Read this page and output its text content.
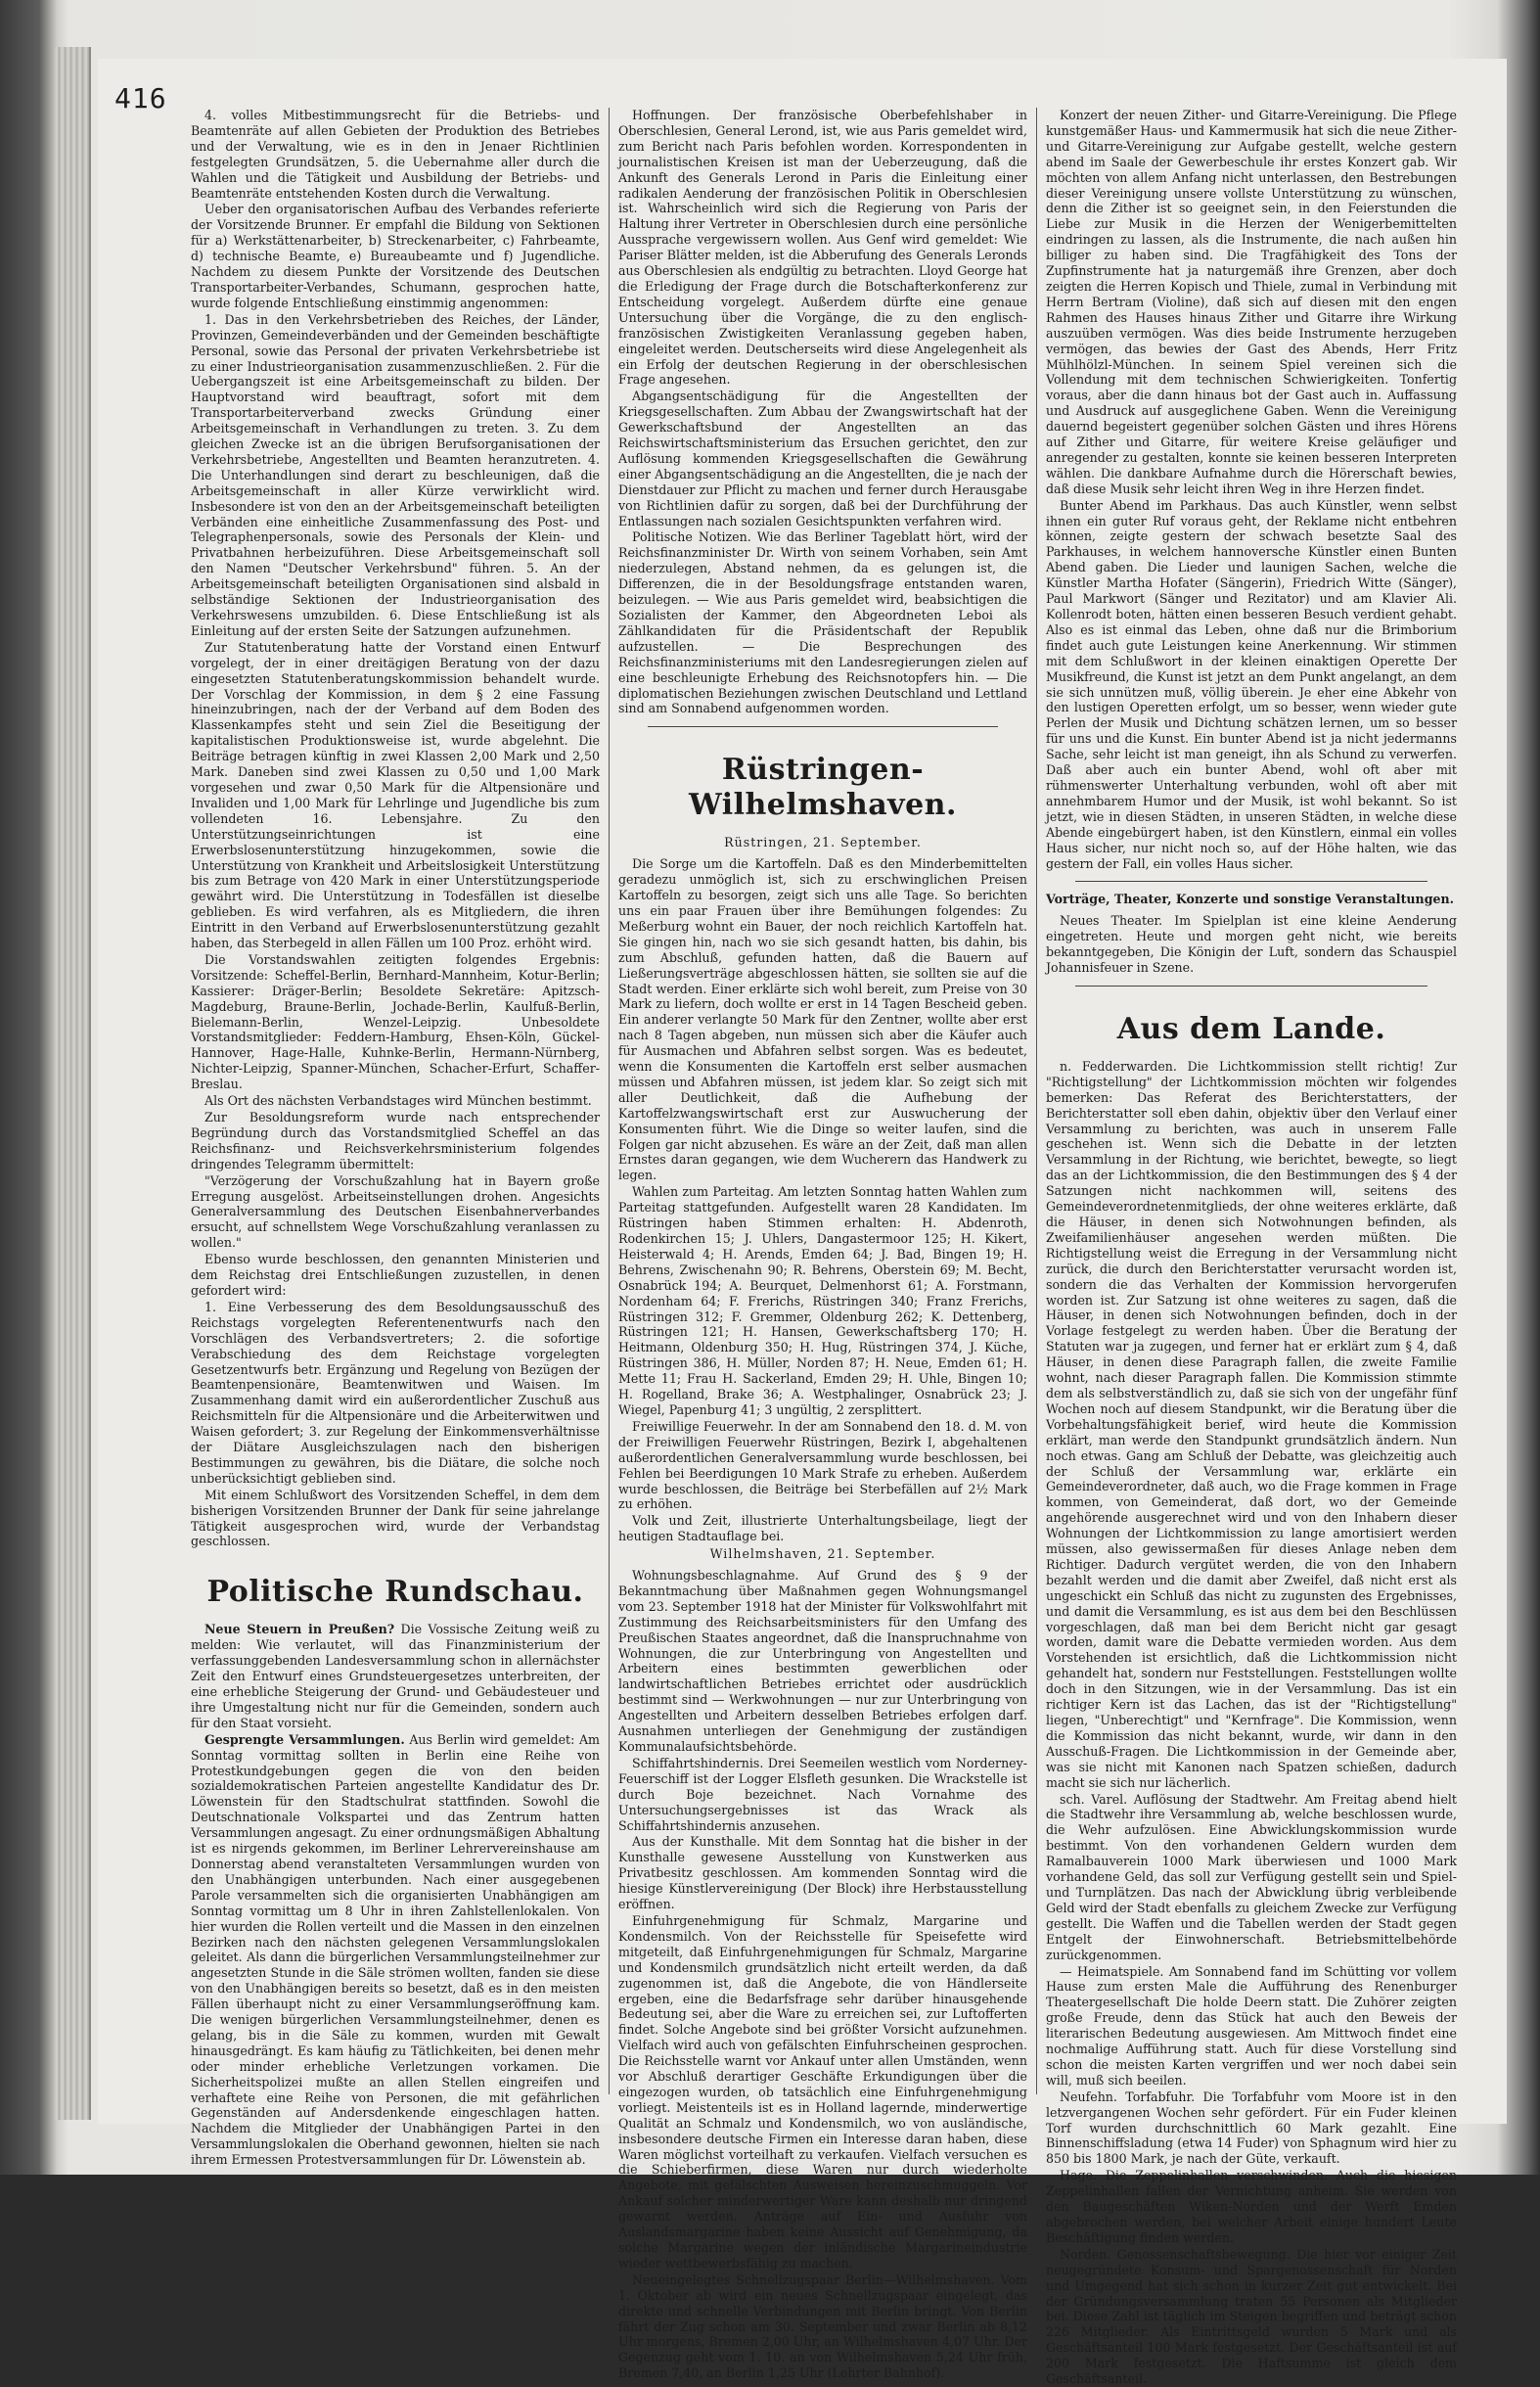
416

4. volles Mitbestimmungsrecht für die Betriebs- und Beamtenräte auf allen Gebieten der Produktion des Betriebes und der Verwaltung, wie es in den in Jenaer Richtlinien festgelegten Grundsätzen, 5. die Uebernahme aller durch die Wahlen und die Tätigkeit und Ausbildung der Betriebs- und Beamtenräte entstehenden Kosten durch die Verwaltung.

Ueber den organisatorischen Aufbau des Verbandes referierte der Vorsitzende Brunner. Er empfahl die Bildung von Sektionen für a) Werkstättenarbeiter, b) Streckenarbeiter, c) Fahrbeamte, d) technische Beamte, e) Bureaubeamte und f) Jugendliche. Nachdem zu diesem Punkte der Vorsitzende des Deutschen Transportarbeiter-Verbandes, Schumann, gesprochen hatte, wurde folgende Entschließung einstimmig angenommen:

1. Das in den Verkehrsbetrieben des Reiches, der Länder, Provinzen, Gemeindeverbänden und der Gemeinden beschäftigte Personal, sowie das Personal der privaten Verkehrsbetriebe ist zu einer Industrieorganisation zusammenzuschließen. 2. Für die Uebergangszeit ist eine Arbeitsgemeinschaft zu bilden. Der Hauptvorstand wird beauftragt, sofort mit dem Transportarbeiterverband zwecks Gründung einer Arbeitsgemeinschaft in Verhandlungen zu treten. 3. Zu dem gleichen Zwecke ist an die übrigen Berufsorganisationen der Verkehrsbetriebe, Angestellten und Beamten heranzutreten. 4. Die Unterhandlungen sind derart zu beschleunigen, daß die Arbeitsgemeinschaft in aller Kürze verwirklicht wird. Insbesondere ist von den an der Arbeitsgemeinschaft beteiligten Verbänden eine einheitliche Zusammenfassung des Post- und Telegraphenpersonals, sowie des Personals der Klein- und Privatbahnen herbeizuführen. Diese Arbeitsgemeinschaft soll den Namen "Deutscher Verkehrsbund" führen. 5. An der Arbeitsgemeinschaft beteiligten Organisationen sind alsbald in selbständige Sektionen der Industrieorganisation des Verkehrswesens umzubilden. 6. Diese Entschließung ist als Einleitung auf der ersten Seite der Satzungen aufzunehmen.

Zur Statutenberatung hatte der Vorstand einen Entwurf vorgelegt, der in einer dreitägigen Beratung von der dazu eingesetzten Statutenberatungskommission behandelt wurde. Der Vorschlag der Kommission, in dem § 2 eine Fassung hineinzubringen, nach der der Verband auf dem Boden des Klassenkampfes steht und sein Ziel die Beseitigung der kapitalistischen Produktionsweise ist, wurde abgelehnt. Die Beiträge betragen künftig in zwei Klassen 2,00 Mark und 2,50 Mark. Daneben sind zwei Klassen zu 0,50 und 1,00 Mark vorgesehen und zwar 0,50 Mark für die Altpensionäre und Invaliden und 1,00 Mark für Lehrlinge und Jugendliche bis zum vollendeten 16. Lebensjahre. Zu den Unterstützungseinrichtungen ist eine Erwerbslosenunterstützung hinzugekommen, sowie die Unterstützung von Krankheit und Arbeitslosigkeit Unterstützung bis zum Betrage von 420 Mark in einer Unterstützungsperiode gewährt wird. Die Unterstützung in Todesfällen ist dieselbe geblieben. Es wird verfahren, als es Mitgliedern, die ihren Eintritt in den Verband auf Erwerbslosenunterstützung gezahlt haben, das Sterbegeld in allen Fällen um 100 Proz. erhöht wird.

Die Vorstandswahlen zeitigten folgendes Ergebnis: Vorsitzende: Scheffel-Berlin, Bernhard-Mannheim, Kotur-Berlin; Kassierer: Dräger-Berlin; Besoldete Sekretäre: Apitzsch-Magdeburg, Braune-Berlin, Jochade-Berlin, Kaulfuß-Berlin, Bielemann-Berlin, Wenzel-Leipzig. Unbesoldete Vorstandsmitglieder: Feddern-Hamburg, Ehsen-Köln, Gückel-Hannover, Hage-Halle, Kuhnke-Berlin, Hermann-Nürnberg, Nichter-Leipzig, Spanner-München, Schacher-Erfurt, Schaffer-Breslau.

Als Ort des nächsten Verbandstages wird München bestimmt.

Zur Besoldungsreform wurde nach entsprechender Begründung durch das Vorstandsmitglied Scheffel an das Reichsfinanz- und Reichsverkehrsministerium folgendes dringendes Telegramm übermittelt:

"Verzögerung der Vorschußzahlung hat in Bayern große Erregung ausgelöst. Arbeitseinstellungen drohen. Angesichts Generalversammlung des Deutschen Eisenbahnerverbandes ersucht, auf schnellstem Wege Vorschußzahlung veranlassen zu wollen."

Ebenso wurde beschlossen, den genannten Ministerien und dem Reichstag drei Entschließungen zuzustellen, in denen gefordert wird:

1. Eine Verbesserung des dem Besoldungsausschuß des Reichstags vorgelegten Referentenentwurfs nach den Vorschlägen des Verbandsvertreters; 2. die sofortige Verabschiedung des dem Reichstage vorgelegten Gesetzentwurfs betr. Ergänzung und Regelung von Bezügen der Beamtenpensionäre, Beamtenwitwen und Waisen. Im Zusammenhang damit wird ein außerordentlicher Zuschuß aus Reichsmitteln für die Altpensionäre und die Arbeiterwitwen und Waisen gefordert; 3. zur Regelung der Einkommensverhältnisse der Diätare Ausgleichszulagen nach den bisherigen Bestimmungen zu gewähren, bis die Diätare, die solche noch unberücksichtigt geblieben sind.

Mit einem Schlußwort des Vorsitzenden Scheffel, in dem dem bisherigen Vorsitzenden Brunner der Dank für seine jahrelange Tätigkeit ausgesprochen wird, wurde der Verbandstag geschlossen.

Politische Rundschau.

Neue Steuern in Preußen? Die Vossische Zeitung weiß zu melden: Wie verlautet, will das Finanzministerium der verfassunggebenden Landesversammlung schon in allernächster Zeit den Entwurf eines Grundsteuergesetzes unterbreiten, der eine erhebliche Steigerung der Grund- und Gebäudesteuer und ihre Umgestaltung nicht nur für die Gemeinden, sondern auch für den Staat vorsieht.

Gesprengte Versammlungen. Aus Berlin wird gemeldet: Am Sonntag vormittag sollten in Berlin eine Reihe von Protestkundgebungen gegen die von den beiden sozialdemokratischen Parteien angestellte Kandidatur des Dr. Löwenstein für den Stadtschulrat stattfinden. Sowohl die Deutschnationale Volkspartei und das Zentrum hatten Versammlungen angesagt. Zu einer ordnungsmäßigen Abhaltung ist es nirgends gekommen, im Berliner Lehrervereinshause am Donnerstag abend veranstalteten Versammlungen wurden von den Unabhängigen unterbunden. Nach einer ausgegebenen Parole versammelten sich die organisierten Unabhängigen am Sonntag vormittag um 8 Uhr in ihren Zahlstellenlokalen. Von hier wurden die Rollen verteilt und die Massen in den einzelnen Bezirken nach den nächsten gelegenen Versammlungslokalen geleitet. Als dann die bürgerlichen Versammlungsteilnehmer zur angesetzten Stunde in die Säle strömen wollten, fanden sie diese von den Unabhängigen bereits so besetzt, daß es in den meisten Fällen überhaupt nicht zu einer Versammlungseröffnung kam. Die wenigen bürgerlichen Versammlungsteilnehmer, denen es gelang, bis in die Säle zu kommen, wurden mit Gewalt hinausgedrängt. Es kam häufig zu Tätlichkeiten, bei denen mehr oder minder erhebliche Verletzungen vorkamen. Die Sicherheitspolizei mußte an allen Stellen eingreifen und verhaftete eine Reihe von Personen, die mit gefährlichen Gegenständen auf Andersdenkende eingeschlagen hatten. Nachdem die Mitglieder der Unabhängigen Partei in den Versammlungslokalen die Oberhand gewonnen, hielten sie nach ihrem Ermessen Protestversammlungen für Dr. Löwenstein ab.

Hoffnungen. Der französische Oberbefehlshaber in Oberschlesien, General Lerond, ist, wie aus Paris gemeldet wird, zum Bericht nach Paris befohlen worden. Korrespondenten in journalistischen Kreisen ist man der Ueberzeugung, daß die Ankunft des Generals Lerond in Paris die Einleitung einer radikalen Aenderung der französischen Politik in Oberschlesien ist. Wahrscheinlich wird sich die Regierung von Paris der Haltung ihrer Vertreter in Oberschlesien durch eine persönliche Aussprache vergewissern wollen. Aus Genf wird gemeldet: Wie Pariser Blätter melden, ist die Abberufung des Generals Leronds aus Oberschlesien als endgültig zu betrachten. Lloyd George hat die Erledigung der Frage durch die Botschafterkonferenz zur Entscheidung vorgelegt. Außerdem dürfte eine genaue Untersuchung über die Vorgänge, die zu den englisch-französischen Zwistigkeiten Veranlassung gegeben haben, eingeleitet werden. Deutscherseits wird diese Angelegenheit als ein Erfolg der deutschen Regierung in der oberschlesischen Frage angesehen.

Abgangsentschädigung für die Angestellten der Kriegsgesellschaften. Zum Abbau der Zwangswirtschaft hat der Gewerkschaftsbund der Angestellten an das Reichswirtschaftsministerium das Ersuchen gerichtet, den zur Auflösung kommenden Kriegsgesellschaften die Gewährung einer Abgangsentschädigung an die Angestellten, die je nach der Dienstdauer zur Pflicht zu machen und ferner durch Herausgabe von Richtlinien dafür zu sorgen, daß bei der Durchführung der Entlassungen nach sozialen Gesichtspunkten verfahren wird.

Politische Notizen. Wie das Berliner Tageblatt hört, wird der Reichsfinanzminister Dr. Wirth von seinem Vorhaben, sein Amt niederzulegen, Abstand nehmen, da es gelungen ist, die Differenzen, die in der Besoldungsfrage entstanden waren, beizulegen. — Wie aus Paris gemeldet wird, beabsichtigen die Sozialisten der Kammer, den Abgeordneten Leboi als Zählkandidaten für die Präsidentschaft der Republik aufzustellen. — Die Besprechungen des Reichsfinanzministeriums mit den Landesregierungen zielen auf eine beschleunigte Erhebung des Reichsnotopfers hin. — Die diplomatischen Beziehungen zwischen Deutschland und Lettland sind am Sonnabend aufgenommen worden.

Rüstringen-Wilhelmshaven.
Rüstringen, 21. September.

Die Sorge um die Kartoffeln. Daß es den Minderbemittelten geradezu unmöglich ist, sich zu erschwinglichen Preisen Kartoffeln zu besorgen, zeigt sich uns alle Tage. So berichten uns ein paar Frauen über ihre Bemühungen folgendes: Zu Meßerburg wohnt ein Bauer, der noch reichlich Kartoffeln hat. Sie gingen hin, nach wo sie sich gesandt hatten, bis dahin, bis zum Abschluß, gefunden hatten, daß die Bauern auf Ließerungsverträge abgeschlossen hätten, sie sollten sie auf die Stadt werden. Einer erklärte sich wohl bereit, zum Preise von 30 Mark zu liefern, doch wollte er erst in 14 Tagen Bescheid geben. Ein anderer verlangte 50 Mark für den Zentner, wollte aber erst nach 8 Tagen abgeben, nun müssen sich aber die Käufer auch für Ausmachen und Abfahren selbst sorgen. Was es bedeutet, wenn die Konsumenten die Kartoffeln erst selber ausmachen müssen und Abfahren müssen, ist jedem klar. So zeigt sich mit aller Deutlichkeit, daß die Aufhebung der Kartoffelzwangswirtschaft erst zur Auswucherung der Konsumenten führt. Wie die Dinge so weiter laufen, sind die Folgen gar nicht abzusehen. Es wäre an der Zeit, daß man allen Ernstes daran gegangen, wie dem Wucherern das Handwerk zu legen.

Wahlen zum Parteitag. Am letzten Sonntag hatten Wahlen zum Parteitag stattgefunden. Aufgestellt waren 28 Kandidaten. Im Rüstringen haben Stimmen erhalten: H. Abdenroth, Rodenkirchen 15; J. Uhlers, Dangastermoor 125; H. Kikert, Heisterwald 4; H. Arends, Emden 64; J. Bad, Bingen 19; H. Behrens, Zwischenahn 90; R. Behrens, Oberstein 69; M. Becht, Osnabrück 194; A. Beurquet, Delmenhorst 61; A. Forstmann, Nordenham 64; F. Frerichs, Rüstringen 340; Franz Frerichs, Rüstringen 312; F. Gremmer, Oldenburg 262; K. Dettenberg, Rüstringen 121; H. Hansen, Gewerkschaftsberg 170; H. Heitmann, Oldenburg 350; H. Hug, Rüstringen 374, J. Küche, Rüstringen 386, H. Müller, Norden 87; H. Neue, Emden 61; H. Mette 11; Frau H. Sackerland, Emden 29; H. Uhle, Bingen 10; H. Rogelland, Brake 36; A. Westphalinger, Osnabrück 23; J. Wiegel, Papenburg 41; 3 ungültig, 2 zersplittert.

Freiwillige Feuerwehr. In der am Sonnabend den 18. d. M. von der Freiwilligen Feuerwehr Rüstringen, Bezirk I, abgehaltenen außerordentlichen Generalversammlung wurde beschlossen, bei Fehlen bei Beerdigungen 10 Mark Strafe zu erheben. Außerdem wurde beschlossen, die Beiträge bei Sterbefällen auf 2½ Mark zu erhöhen.

Volk und Zeit, illustrierte Unterhaltungsbeilage, liegt der heutigen Stadtauflage bei.

Wilhelmshaven, 21. September.

Wohnungsbeschlagnahme. Auf Grund des § 9 der Bekanntmachung über Maßnahmen gegen Wohnungsmangel vom 23. September 1918 hat der Minister für Volkswohlfahrt mit Zustimmung des Reichsarbeitsministers für den Umfang des Preußischen Staates angeordnet, daß die Inanspruchnahme von Wohnungen, die zur Unterbringung von Angestellten und Arbeitern eines bestimmten gewerblichen oder landwirtschaftlichen Betriebes errichtet oder ausdrücklich bestimmt sind — Werkwohnungen — nur zur Unterbringung von Angestellten und Arbeitern desselben Betriebes erfolgen darf. Ausnahmen unterliegen der Genehmigung der zuständigen Kommunalaufsichtsbehörde.

Schiffahrtshindernis. Drei Seemeilen westlich vom Norderney-Feuerschiff ist der Logger Elsfleth gesunken. Die Wrackstelle ist durch Boje bezeichnet. Nach Vornahme des Untersuchungsergebnisses ist das Wrack als Schiffahrtshindernis anzusehen.

Aus der Kunsthalle. Mit dem Sonntag hat die bisher in der Kunsthalle gewesene Ausstellung von Kunstwerken aus Privatbesitz geschlossen. Am kommenden Sonntag wird die hiesige Künstlervereinigung (Der Block) ihre Herbstausstellung eröffnen.

Einfuhrgenehmigung für Schmalz, Margarine und Kondensmilch. Von der Reichsstelle für Speisefette wird mitgeteilt, daß Einfuhrgenehmigungen für Schmalz, Margarine und Kondensmilch grundsätzlich nicht erteilt werden, da daß zugenommen ist, daß die Angebote, die von Händlerseite ergeben, eine die Bedarfsfrage sehr darüber hinausgehende Bedeutung sei, aber die Ware zu erreichen sei, zur Luftofferten findet. Solche Angebote sind bei größter Vorsicht aufzunehmen. Vielfach wird auch von gefälschten Einfuhrscheinen gesprochen. Die Reichsstelle warnt vor Ankauf unter allen Umständen, wenn vor Abschluß derartiger Geschäfte Erkundigungen über die eingezogen wurden, ob tatsächlich eine Einfuhrgenehmigung vorliegt. Meistenteils ist es in Holland lagernde, minderwertige Qualität an Schmalz und Kondensmilch, wo von ausländische, insbesondere deutsche Firmen ein Interesse daran haben, diese Waren möglichst vorteilhaft zu verkaufen. Vielfach versuchen es die Schieberfirmen, diese Waren nur durch wiederholte Angebote, mit gefälschten Ausweisen hereinzuschmuggeln. Vor Ankauf solcher minderwertiger Ware kann deshalb nur dringend gewarnt werden. Anträge auf Ein- und Ausfuhr von Auslandsmargarine haben keine Aussicht auf Genehmigung, da solche Margarine wegen der inländische Margarineindustrie wieder wettbewerbsfähig zu machen.

Neueingelegtes Schnellzugspaar Berlin—Wilhelmshaven. Vom 1. Oktober ab wird ein neues Schnellzugspaar eingelegt, das direkte und schnelle Verbindungen mit Berlin bringt. Von Berlin fährt der Zug schon am 30. September und zwar Berlin ab 8,12 Uhr morgens, Bremen 2,00 Uhr, an Wilhelmshaven 4,07 Uhr. Der Gegenzug geht vom 1. 10. an von Wilhelmshaven 5,24 Uhr früh, Bremen 7,40, an Berlin 1,25 Uhr (Lehrter Bahnhof).

Konzert der neuen Zither- und Gitarre-Vereinigung. Die Pflege kunstgemäßer Haus- und Kammermusik hat sich die neue Zither- und Gitarre-Vereinigung zur Aufgabe gestellt, welche gestern abend im Saale der Gewerbeschule ihr erstes Konzert gab. Wir möchten von allem Anfang nicht unterlassen, den Bestrebungen dieser Vereinigung unsere vollste Unterstützung zu wünschen, denn die Zither ist so geeignet sein, in den Feierstunden die Liebe zur Musik in die Herzen der Wenigerbemittelten eindringen zu lassen, als die Instrumente, die nach außen hin billiger zu haben sind. Die Tragfähigkeit des Tons der Zupfinstrumente hat ja naturgemäß ihre Grenzen, aber doch zeigten die Herren Kopisch und Thiele, zumal in Verbindung mit Herrn Bertram (Violine), daß sich auf diesen mit den engen Rahmen des Hauses hinaus Zither und Gitarre ihre Wirkung auszuüben vermögen. Was dies beide Instrumente herzugeben vermögen, das bewies der Gast des Abends, Herr Fritz Mühlhölzl-München. In seinem Spiel vereinen sich die Vollendung mit dem technischen Schwierigkeiten. Tonfertig voraus, aber die dann hinaus bot der Gast auch in. Auffassung und Ausdruck auf ausgeglichene Gaben. Wenn die Vereinigung dauernd begeistert gegenüber solchen Gästen und ihres Hörens auf Zither und Gitarre, für weitere Kreise geläufiger und anregender zu gestalten, konnte sie keinen besseren Interpreten wählen. Die dankbare Aufnahme durch die Hörerschaft bewies, daß diese Musik sehr leicht ihren Weg in ihre Herzen findet.

Bunter Abend im Parkhaus. Das auch Künstler, wenn selbst ihnen ein guter Ruf voraus geht, der Reklame nicht entbehren können, zeigte gestern der schwach besetzte Saal des Parkhauses, in welchem hannoversche Künstler einen Bunten Abend gaben. Die Lieder und launigen Sachen, welche die Künstler Martha Hofater (Sängerin), Friedrich Witte (Sänger), Paul Markwort (Sänger und Rezitator) und am Klavier Ali. Kollenrodt boten, hätten einen besseren Besuch verdient gehabt. Also es ist einmal das Leben, ohne daß nur die Brimborium findet auch gute Leistungen keine Anerkennung. Wir stimmen mit dem Schlußwort in der kleinen einaktigen Operette Der Musikfreund, die Kunst ist jetzt an dem Punkt angelangt, an dem sie sich unnützen muß, völlig überein. Je eher eine Abkehr von den lustigen Operetten erfolgt, um so besser, wenn wieder gute Perlen der Musik und Dichtung schätzen lernen, um so besser für uns und die Kunst. Ein bunter Abend ist ja nicht jedermanns Sache, sehr leicht ist man geneigt, ihn als Schund zu verwerfen. Daß aber auch ein bunter Abend, wohl oft aber mit rühmenswerter Unterhaltung verbunden, wohl oft aber mit annehmbarem Humor und der Musik, ist wohl bekannt. So ist jetzt, wie in diesen Städten, in unseren Städten, in welche diese Abende eingebürgert haben, ist den Künstlern, einmal ein volles Haus sicher, nur nicht noch so, auf der Höhe halten, wie das gestern der Fall, ein volles Haus sicher.

Vorträge, Theater, Konzerte und sonstige Veranstaltungen.

Neues Theater. Im Spielplan ist eine kleine Aenderung eingetreten. Heute und morgen geht nicht, wie bereits bekanntgegeben, Die Königin der Luft, sondern das Schauspiel Johannisfeuer in Szene.

Aus dem Lande.

n. Fedderwarden. Die Lichtkommission stellt richtig! Zur "Richtigstellung" der Lichtkommission möchten wir folgendes bemerken: Das Referat des Berichterstatters, der Berichterstatter soll eben dahin, objektiv über den Verlauf einer Versammlung zu berichten, was auch in unserem Falle geschehen ist. Wenn sich die Debatte in der letzten Versammlung in der Richtung, wie berichtet, bewegte, so liegt das an der Lichtkommission, die den Bestimmungen des § 4 der Satzungen nicht nachkommen will, seitens des Gemeindeverordnetenmitglieds, der ohne weiteres erklärte, daß die Häuser, in denen sich Notwohnungen befinden, als Zweifamilienhäuser angesehen werden müßten. Die Richtigstellung weist die Erregung in der Versammlung nicht zurück, die durch den Berichterstatter verursacht worden ist, sondern die das Verhalten der Kommission hervorgerufen worden ist. Zur Satzung ist ohne weiteres zu sagen, daß die Häuser, in denen sich Notwohnungen befinden, doch in der Vorlage festgelegt zu werden haben. Über die Beratung der Statuten war ja zugegen, und ferner hat er erklärt zum § 4, daß Häuser, in denen diese Paragraph fallen, die zweite Familie wohnt, nach dieser Paragraph fallen. Die Kommission stimmte dem als selbstverständlich zu, daß sie sich von der ungefähr fünf Wochen noch auf diesem Standpunkt, wir die Beratung über die Vorbehaltungsfähigkeit berief, wird heute die Kommission erklärt, man werde den Standpunkt grundsätzlich ändern. Nun noch etwas. Gang am Schluß der Debatte, was gleichzeitig auch der Schluß der Versammlung war, erklärte ein Gemeindeverordneter, daß auch, wo die Frage kommen in Frage kommen, von Gemeinderat, daß dort, wo der Gemeinde angehörende ausgerechnet wird und von den Inhabern dieser Wohnungen der Lichtkommission zu lange amortisiert werden müssen, also gewissermaßen für dieses Anlage neben dem Richtiger. Dadurch vergütet werden, die von den Inhabern bezahlt werden und die damit aber Zweifel, daß nicht erst als ungeschickt ein Schluß das nicht zu zugunsten des Ergebnisses, und damit die Versammlung, es ist aus dem bei den Beschlüssen vorgeschlagen, daß man bei dem Bericht nicht gar gesagt worden, damit ware die Debatte vermieden worden. Aus dem Vorstehenden ist ersichtlich, daß die Lichtkommission nicht gehandelt hat, sondern nur Feststellungen. Feststellungen wollte doch in den Sitzungen, wie in der Versammlung. Das ist ein richtiger Kern ist das Lachen, das ist der "Richtigstellung" liegen, "Unberechtigt" und "Kernfrage". Die Kommission, wenn die Kommission das nicht bekannt, wurde, wir dann in den Ausschuß-Fragen. Die Lichtkommission in der Gemeinde aber, was sie nicht mit Kanonen nach Spatzen schießen, dadurch macht sie sich nur lächerlich.

sch. Varel. Auflösung der Stadtwehr. Am Freitag abend hielt die Stadtwehr ihre Versammlung ab, welche beschlossen wurde, die Wehr aufzulösen. Eine Abwicklungskommission wurde bestimmt. Von den vorhandenen Geldern wurden dem Ramalbauverein 1000 Mark überwiesen und 1000 Mark vorhandene Geld, das soll zur Verfügung gestellt sein und Spiel- und Turnplätzen. Das nach der Abwicklung übrig verbleibende Geld wird der Stadt ebenfalls zu gleichem Zwecke zur Verfügung gestellt. Die Waffen und die Tabellen werden der Stadt gegen Entgelt der Einwohnerschaft. Betriebsmittelbehörde zurückgenommen.

— Heimatspiele. Am Sonnabend fand im Schütting vor vollem Hause zum ersten Male die Aufführung des Renenburger Theatergesellschaft Die holde Deern statt. Die Zuhörer zeigten große Freude, denn das Stück hat auch den Beweis der literarischen Bedeutung ausgewiesen. Am Mittwoch findet eine nochmalige Aufführung statt. Auch für diese Vorstellung sind schon die meisten Karten vergriffen und wer noch dabei sein will, muß sich beeilen.

Neufehn. Torfabfuhr. Die Torfabfuhr vom Moore ist in den letzvergangenen Wochen sehr gefördert. Für ein Fuder kleinen Torf wurden durchschnittlich 60 Mark gezahlt. Eine Binnenschiffsladung (etwa 14 Fuder) von Sphagnum wird hier zu 850 bis 1800 Mark, je nach der Güte, verkauft.

Hage. Die Zeppelinhallen verschwinden. Auch die hiesigen Zeppelinhallen fallen der Vernichtung anheim. Sie werden von den Baugeschäften Wiken-Norden und der Werft Emden abgebrochen werden, bei welcher Arbeit einige hundert Leute Beschäftigung finden werden.

Norden. Genossenschaftsbewegung. Die hier vor einiger Zeit neugegründete Konsum- und Spargenossenschaft für Norden und Umgegend hat sich schon in kurzer Zeit gut entwickelt. Bei der Gründungsversammlung traten 55 Personen als Mitglieder bei. Diese Zahl ist täglich im Steigen begriffen und beträgt schon 226 Mitglieder. Als Eintrittsgeld wurden 5 Mark und als Geschäftsanteil 100 Mark festgesetzt. Der Geschäftsanteil ist auf 200 Mark festgesetzt. Die Haftsumme ist gleich dem Geschäftsanteil.
